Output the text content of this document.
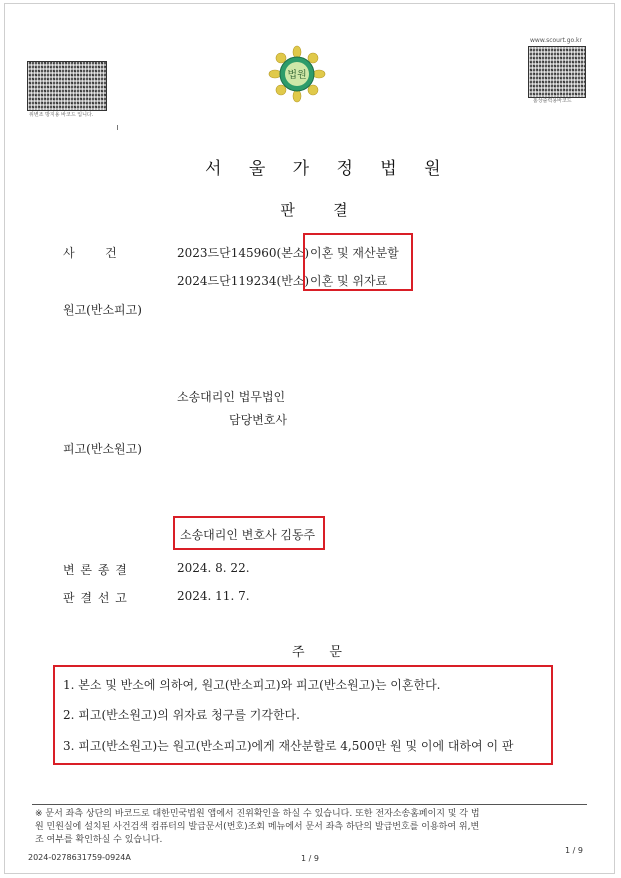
위변조 방지용 바코드 입니다.
법원
www.scourt.go.kr
홈상출력용바코드
서 울 가 정 법 원
판   결
사        건	2023드단145960(본소) 이혼 및 재산분할
2024드단119234(반소) 이혼 및 위자료
원고(반소피고)
소송대리인 법무법인
담당변호사
피고(반소원고)
소송대리인 변호사 김동주
변 론 종 결	2024. 8. 22.
판 결 선 고	2024. 11. 7.
주      문
1. 본소 및 반소에 의하여, 원고(반소피고)와 피고(반소원고)는 이혼한다.
2. 피고(반소원고)의 위자료 청구를 기각한다.
3. 피고(반소원고)는 원고(반소피고)에게 재산분할로 4,500만 원 및 이에 대하여 이 판
※ 문서 좌측 상단의 바코드로 대한민국법원 앱에서 진위확인을 하실 수 있습니다. 또한 전자소송홈페이지 및 각 법
원 민원실에 설치된 사건검색 컴퓨터의 발급문서(번호)조회 메뉴에서 문서 좌측 하단의 발급번호를 이용하여 위,변
조 여부를 확인하실 수 있습니다.
2024-0278631759-0924A	1 / 9
1 / 9
